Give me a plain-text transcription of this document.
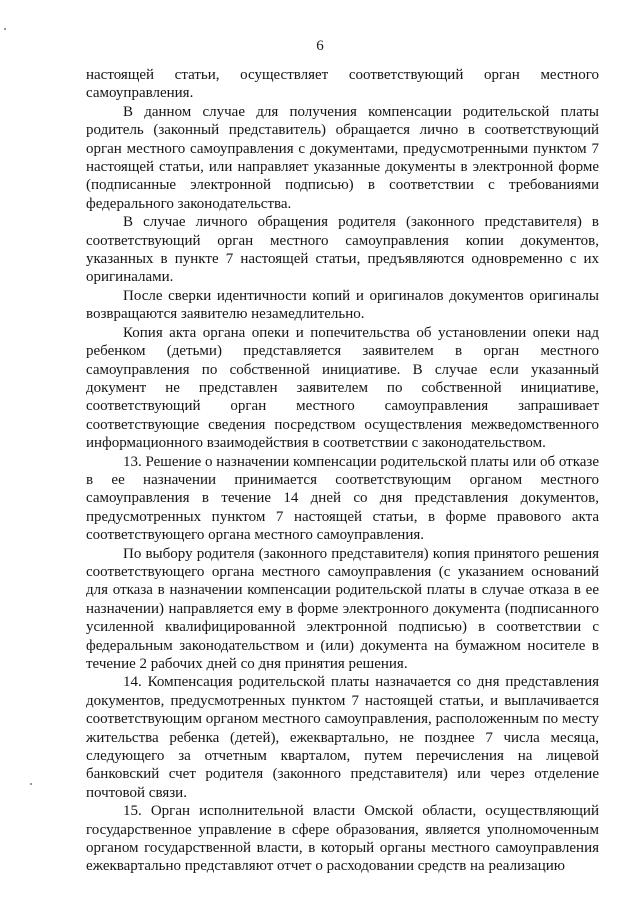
6

настоящей статьи, осуществляет соответствующий орган местного самоуправления.

В данном случае для получения компенсации родительской платы родитель (законный представитель) обращается лично в соответствующий орган местного самоуправления с документами, предусмотренными пунктом 7 настоящей статьи, или направляет указанные документы в электронной форме (подписанные электронной подписью) в соответствии с требованиями федерального законодательства.

В случае личного обращения родителя (законного представителя) в соответствующий орган местного самоуправления копии документов, указанных в пункте 7 настоящей статьи, предъявляются одновременно с их оригиналами.

После сверки идентичности копий и оригиналов документов оригиналы возвращаются заявителю незамедлительно.

Копия акта органа опеки и попечительства об установлении опеки над ребенком (детьми) представляется заявителем в орган местного самоуправления по собственной инициативе. В случае если указанный документ не представлен заявителем по собственной инициативе, соответствующий орган местного самоуправления запрашивает соответствующие сведения посредством осуществления межведомственного информационного взаимодействия в соответствии с законодательством.

13. Решение о назначении компенсации родительской платы или об отказе в ее назначении принимается соответствующим органом местного самоуправления в течение 14 дней со дня представления документов, предусмотренных пунктом 7 настоящей статьи, в форме правового акта соответствующего органа местного самоуправления.

По выбору родителя (законного представителя) копия принятого решения соответствующего органа местного самоуправления (с указанием оснований для отказа в назначении компенсации родительской платы в случае отказа в ее назначении) направляется ему в форме электронного документа (подписанного усиленной квалифицированной электронной подписью) в соответствии с федеральным законодательством и (или) документа на бумажном носителе в течение 2 рабочих дней со дня принятия решения.

14. Компенсация родительской платы назначается со дня представления документов, предусмотренных пунктом 7 настоящей статьи, и выплачивается соответствующим органом местного самоуправления, расположенным по месту жительства ребенка (детей), ежеквартально, не позднее 7 числа месяца, следующего за отчетным кварталом, путем перечисления на лицевой банковский счет родителя (законного представителя) или через отделение почтовой связи.

15. Орган исполнительной власти Омской области, осуществляющий государственное управление в сфере образования, является уполномоченным органом государственной власти, в который органы местного самоуправления ежеквартально представляют отчет о расходовании средств на реализацию
